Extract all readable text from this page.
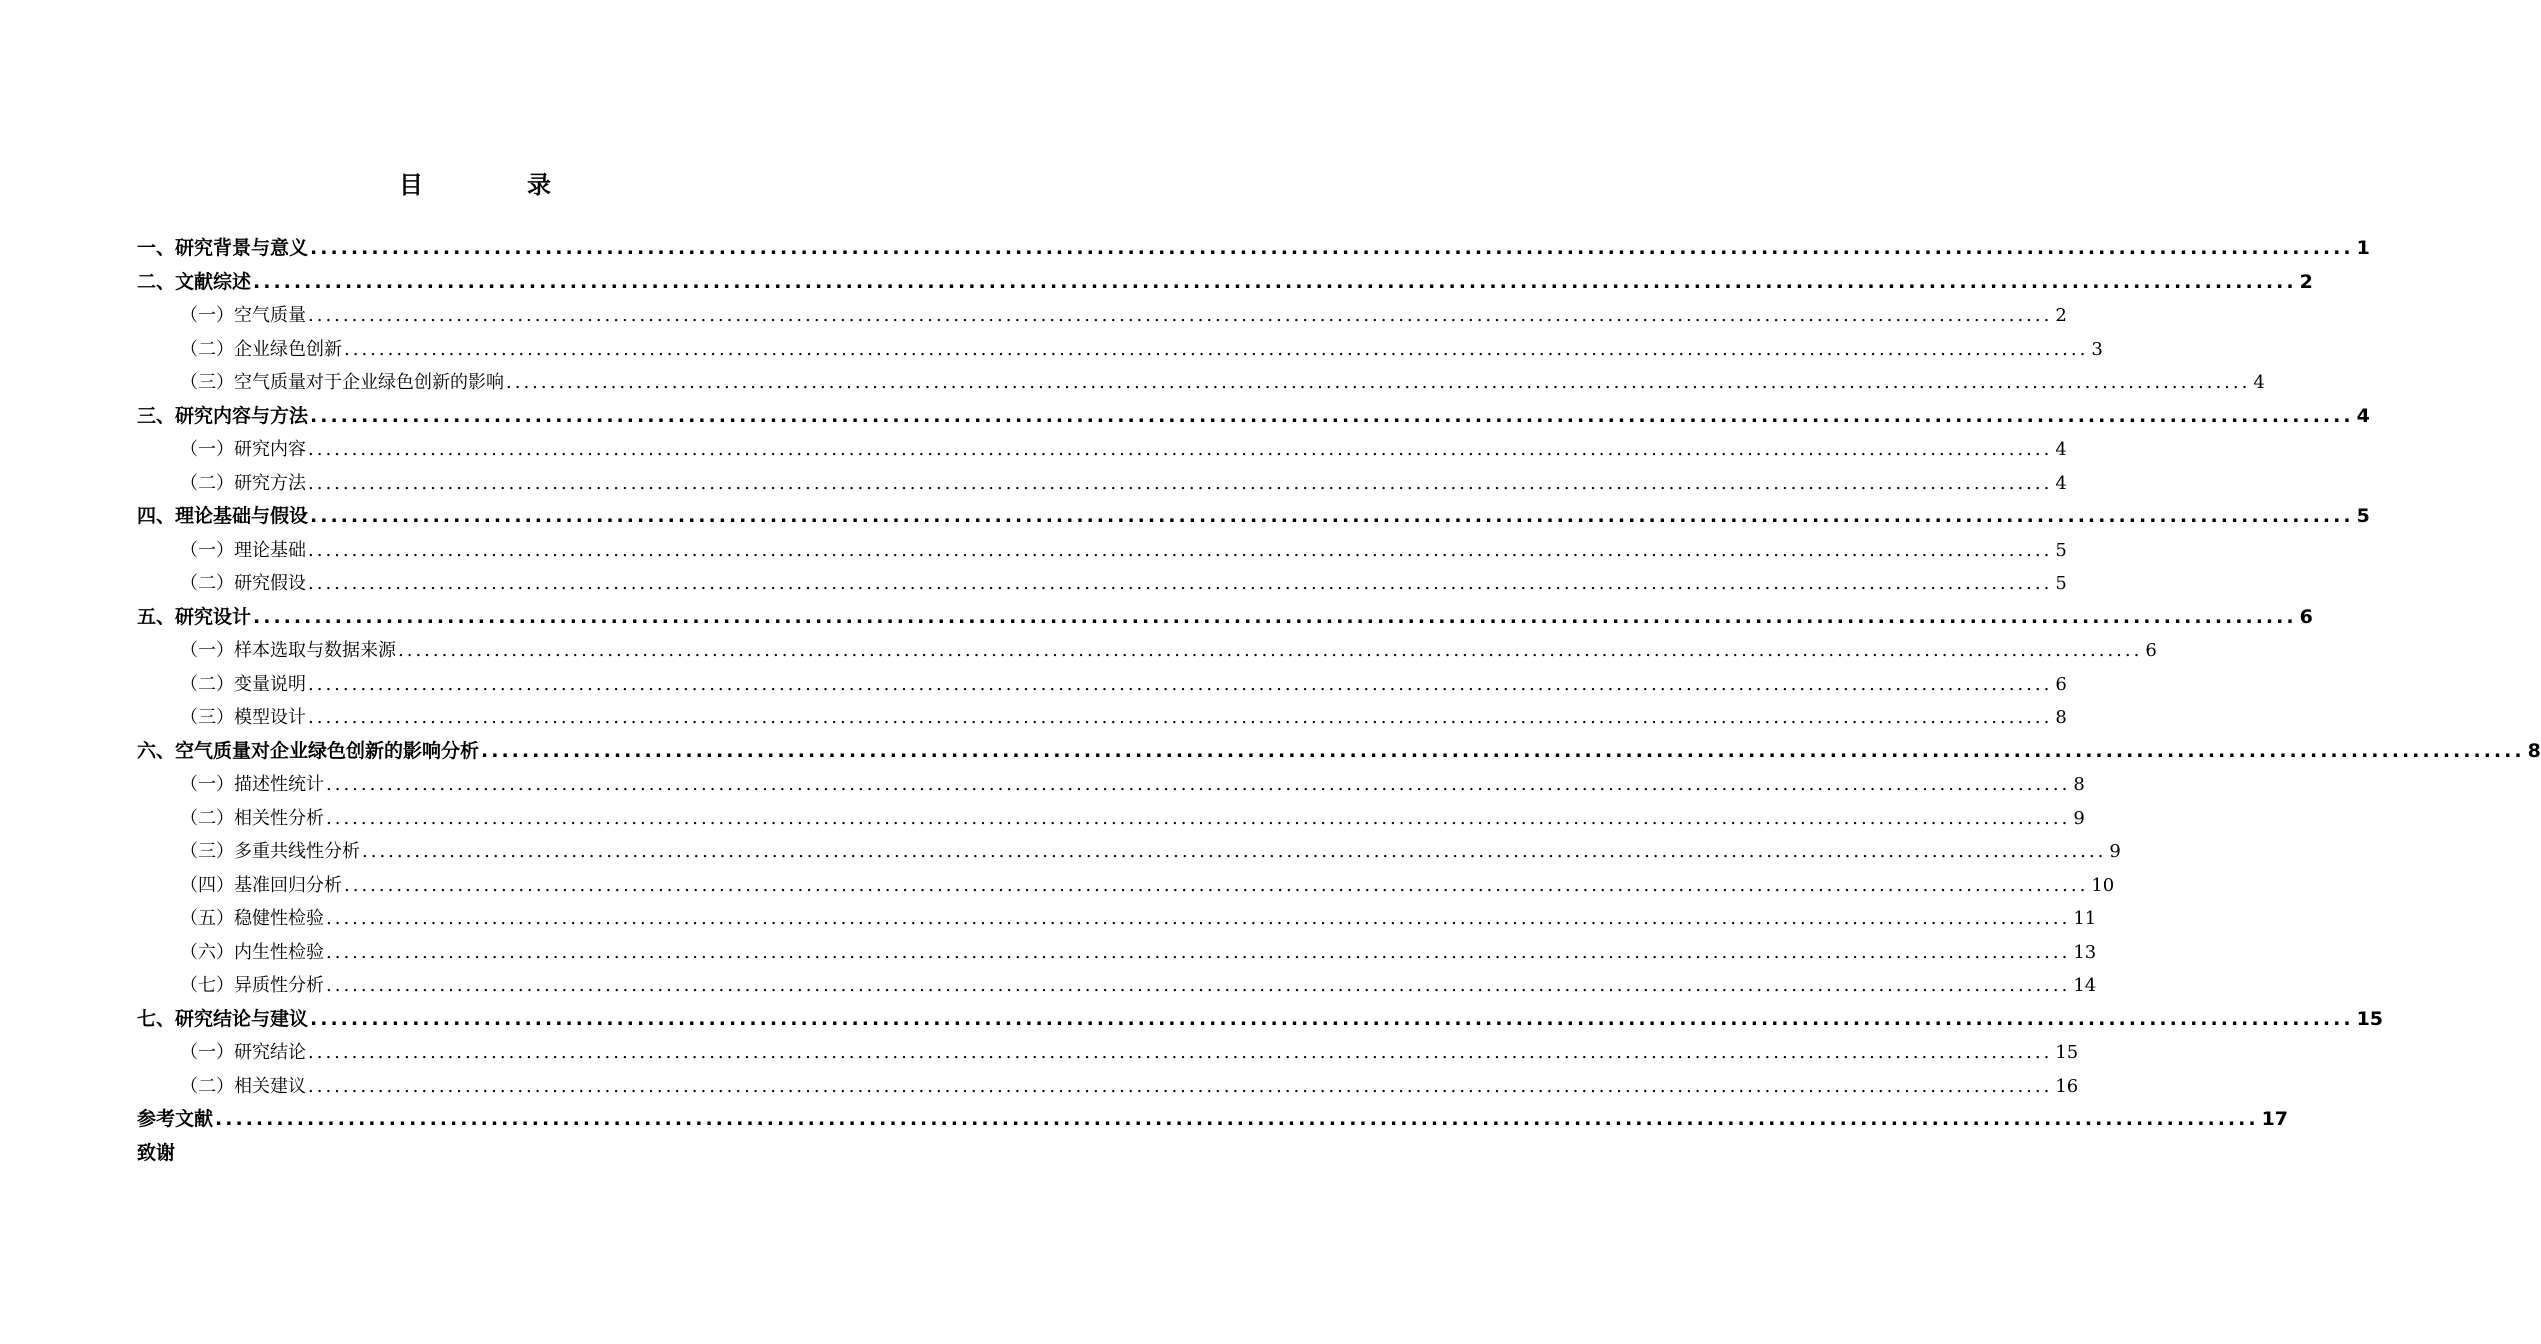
目	录
一、研究背景与意义 ........................................................................................................................................................................................................ 1
二、文献综述 ........................................................................................................................................................................................................ 2
（一）空气质量 ........................................................................................................................................................................................................ 2
（二）企业绿色创新 ........................................................................................................................................................................................................ 3
（三）空气质量对于企业绿色创新的影响 ........................................................................................................................................................................................................ 4
三、研究内容与方法 ........................................................................................................................................................................................................ 4
（一）研究内容 ........................................................................................................................................................................................................ 4
（二）研究方法 ........................................................................................................................................................................................................ 4
四、理论基础与假设 ........................................................................................................................................................................................................ 5
（一）理论基础 ........................................................................................................................................................................................................ 5
（二）研究假设 ........................................................................................................................................................................................................ 5
五、研究设计 ........................................................................................................................................................................................................ 6
（一）样本选取与数据来源 ........................................................................................................................................................................................................ 6
（二）变量说明 ........................................................................................................................................................................................................ 6
（三）模型设计 ........................................................................................................................................................................................................ 8
六、空气质量对企业绿色创新的影响分析 ........................................................................................................................................................................................................ 8
（一）描述性统计 ........................................................................................................................................................................................................ 8
（二）相关性分析 ........................................................................................................................................................................................................ 9
（三）多重共线性分析 ........................................................................................................................................................................................................ 9
（四）基准回归分析 ........................................................................................................................................................................................................ 10
（五）稳健性检验 ........................................................................................................................................................................................................ 11
（六）内生性检验 ........................................................................................................................................................................................................ 13
（七）异质性分析 ........................................................................................................................................................................................................ 14
七、研究结论与建议 ........................................................................................................................................................................................................ 15
（一）研究结论 ........................................................................................................................................................................................................ 15
（二）相关建议 ........................................................................................................................................................................................................ 16
参考文献 ........................................................................................................................................................................................................ 17
致谢
